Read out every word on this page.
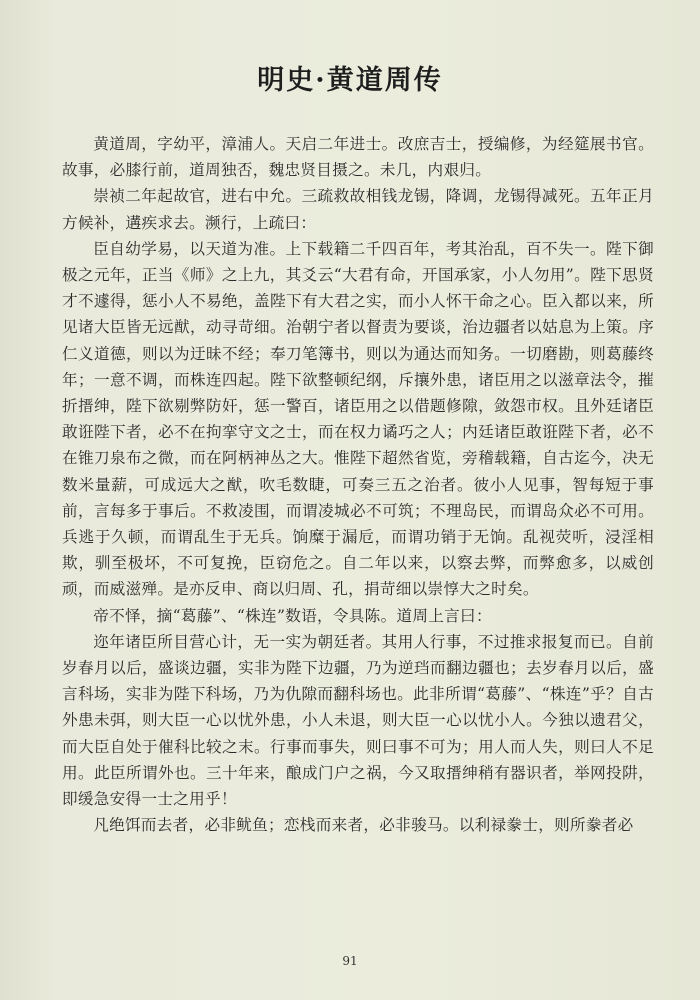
明史·黄道周传

黄道周，字幼平，漳浦人。天启二年进士。改庶吉士，授编修，为经筵展书官。故事，必膝行前，道周独否，魏忠贤目摄之。未几，内艰归。

崇祯二年起故官，进右中允。三疏救故相钱龙锡，降调，龙锡得减死。五年正月方候补，遘疾求去。濒行，上疏曰：

臣自幼学易，以天道为准。上下载籍二千四百年，考其治乱，百不失一。陛下御极之元年，正当《师》之上九，其爻云“大君有命，开国承家，小人勿用”。陛下思贤才不遽得，惩小人不易绝，盖陛下有大君之实，而小人怀干命之心。臣入都以来，所见诸大臣皆无远猷，动寻苛细。治朝宁者以督责为要谈，治边疆者以姑息为上策。序仁义道德，则以为迂昧不经；奉刀笔簿书，则以为通达而知务。一切磨勘，则葛藤终年；一意不调，而株连四起。陛下欲整顿纪纲，斥攘外患，诸臣用之以滋章法令，摧折搢绅，陛下欲剔弊防奸，惩一警百，诸臣用之以借题修隙，敛怨市权。且外廷诸臣敢诳陛下者，必不在拘挛守文之士，而在权力谲巧之人；内廷诸臣敢诳陛下者，必不在锥刀泉布之微，而在阿柄神丛之大。惟陛下超然省览，旁稽载籍，自古迄今，决无数米量薪，可成远大之猷，吹毛数睫，可奏三五之治者。彼小人见事，智每短于事前，言每多于事后。不救凌围，而谓凌城必不可筑；不理岛民，而谓岛众必不可用。兵逃于久顿，而谓乱生于无兵。饷糜于漏卮，而谓功销于无饷。乱视荧听，浸淫相欺，驯至极坏，不可复挽，臣窃危之。自二年以来，以察去弊，而弊愈多，以威创顽，而威滋殚。是亦反申、商以归周、孔，捐苛细以崇惇大之时矣。

帝不怿，摘“葛藤”、“株连”数语，令具陈。道周上言曰：

迩年诸臣所目营心计，无一实为朝廷者。其用人行事，不过推求报复而已。自前岁春月以后，盛谈边疆，实非为陛下边疆，乃为逆珰而翻边疆也；去岁春月以后，盛言科场，实非为陛下科场，乃为仇隙而翻科场也。此非所谓“葛藤”、“株连”乎？自古外患未弭，则大臣一心以忧外患，小人未退，则大臣一心以忧小人。今独以遗君父，而大臣自处于催科比较之末。行事而事失，则曰事不可为；用人而人失，则曰人不足用。此臣所谓外也。三十年来，酿成门户之祸，今又取搢绅稍有器识者，举网投阱，即缓急安得一士之用乎！

凡绝饵而去者，必非鱿鱼；恋栈而来者，必非骏马。以利禄豢士，则所豢者必

91
